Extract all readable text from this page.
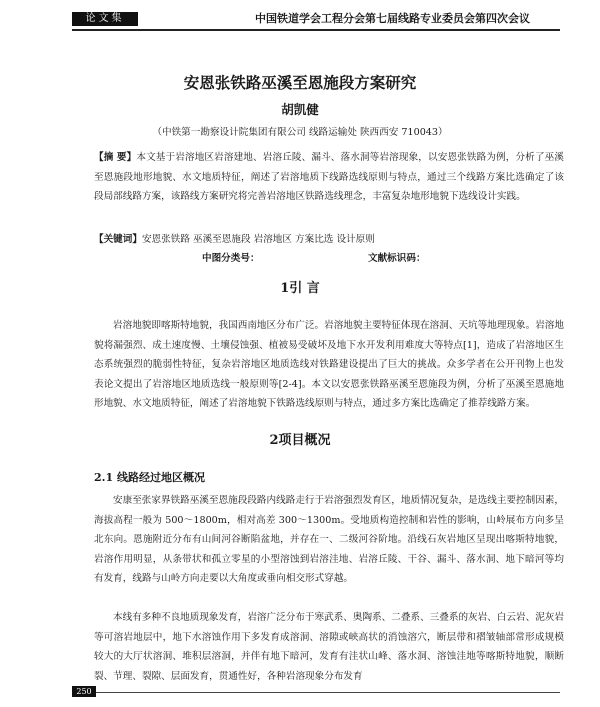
论文集	中国铁道学会工程分会第七届线路专业委员会第四次会议
安恩张铁路巫溪至恩施段方案研究
胡凯健
（中铁第一勘察设计院集团有限公司 线路运输处 陕西西安 710043）
【摘 要】本文基于岩溶地区岩溶建地、岩溶丘陵、漏斗、落水洞等岩溶现象，以安恩张铁路为例，分析了巫溪至恩施段地形地貌、水文地质特征，阐述了岩溶地质下线路选线原则与特点，通过三个线路方案比选确定了该段局部线路方案，该路线方案研究将完善岩溶地区铁路选线理念，丰富复杂地形地貌下选线设计实践。
【关键词】安恩张铁路 巫溪至恩施段 岩溶地区 方案比选 设计原则
中图分类号：	文献标识码：
1引 言
岩溶地貌即喀斯特地貌，我国西南地区分布广泛。岩溶地貌主要特征体现在溶洞、天坑等地理现象。岩溶地貌将漏强烈、成土速度慢、土壤侵蚀强、植被易受破坏及地下水开发利用难度大等特点[1]，造成了岩溶地区生态系统强烈的脆弱性特征，复杂岩溶地区地质选线对铁路建设提出了巨大的挑战。众多学者在公开刊物上也发表论文提出了岩溶地区地质选线一般原则等[2-4]。本文以安恩张铁路巫溪至恩施段为例，分析了巫溪至恩施地形地貌、水文地质特征，阐述了岩溶地貌下铁路选线原则与特点，通过多方案比选确定了推荐线路方案。
2项目概况
2.1 线路经过地区概况
安康至张家界铁路巫溪至恩施段段路内线路走行于岩溶强烈发育区，地质情况复杂，是选线主要控制因素，海拔高程一般为 500～1800m，相对高差 300～1300m。受地质构造控制和岩性的影响，山岭展布方向多呈北东向。恩施附近分布有山间河谷断陷盆地，并存在一、二级河谷阶地。沿线石灰岩地区呈现出喀斯特地貌，岩溶作用明显，从条带状和孤立零星的小型溶蚀到岩溶洼地、岩溶丘陵、干谷、漏斗、落水洞、地下暗河等均有发育，线路与山岭方向走要以大角度或垂向相交形式穿越。
本线有多种不良地质现象发育，岩溶广泛分布于寒武系、奥陶系、二叠系、三叠系的灰岩、白云岩、泥灰岩等可溶岩地层中，地下水溶蚀作用下多发育成溶洞、溶隙或峡高状的消蚀溶穴，断层带和褶皱轴部常形成规模较大的大厅状溶洞、堆积层溶洞，并伴有地下暗河，发育有洼状山峰、落水洞、溶蚀洼地等喀斯特地貌，顺断裂、节理、裂隙、层面发育，贯通性好，各种岩溶现象分布发育
250
